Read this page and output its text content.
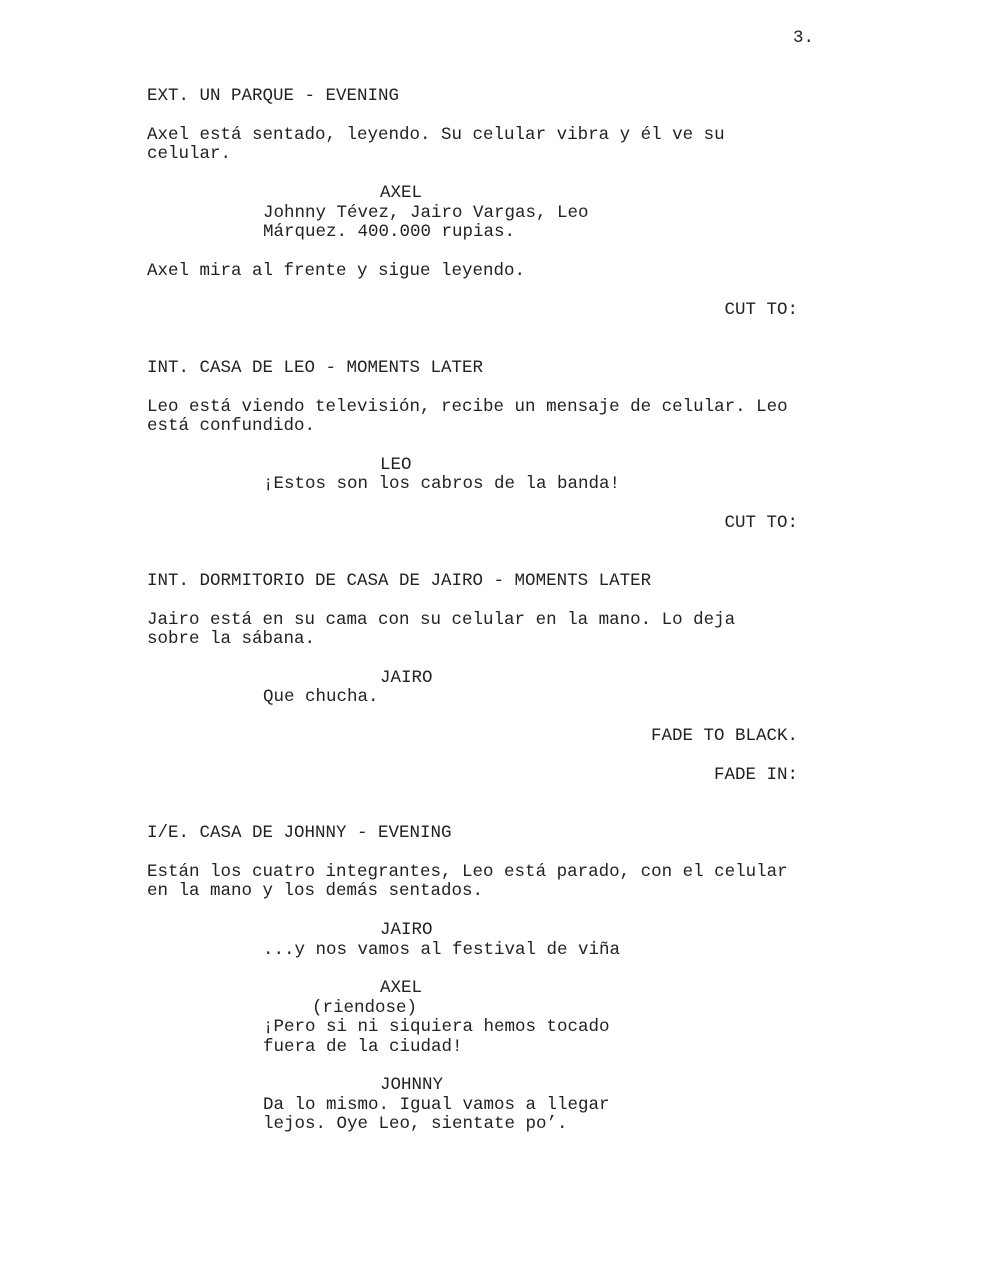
3.
EXT. UN PARQUE - EVENING
Axel está sentado, leyendo. Su celular vibra y él ve su
celular.
AXEL
Johnny Tévez, Jairo Vargas, Leo
Márquez. 400.000 rupias.
Axel mira al frente y sigue leyendo.
CUT TO:
INT. CASA DE LEO - MOMENTS LATER
Leo está viendo televisión, recibe un mensaje de celular. Leo
está confundido.
LEO
¡Estos son los cabros de la banda!
CUT TO:
INT. DORMITORIO DE CASA DE JAIRO - MOMENTS LATER
Jairo está en su cama con su celular en la mano. Lo deja
sobre la sábana.
JAIRO
Que chucha.
FADE TO BLACK.
FADE IN:
I/E. CASA DE JOHNNY - EVENING
Están los cuatro integrantes, Leo está parado, con el celular
en la mano y los demás sentados.
JAIRO
...y nos vamos al festival de viña
AXEL
(riendose)
¡Pero si ni siquiera hemos tocado
fuera de la ciudad!
JOHNNY
Da lo mismo. Igual vamos a llegar
lejos. Oye Leo, sientate po’.
